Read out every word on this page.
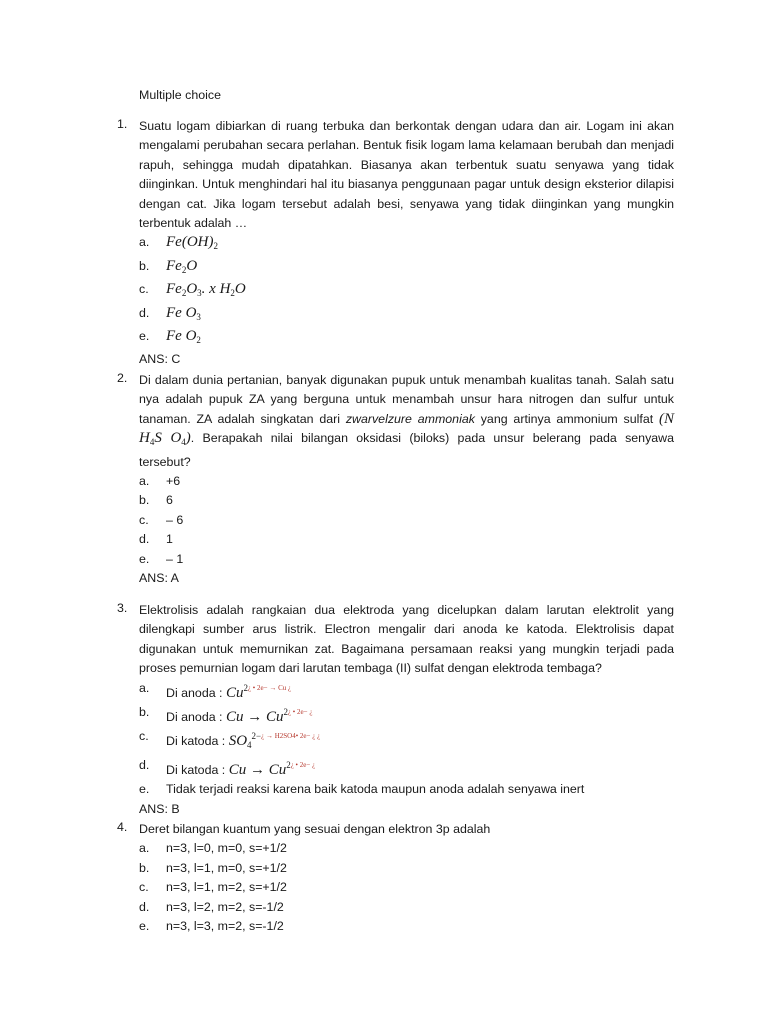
Multiple choice
1. Suatu logam dibiarkan di ruang terbuka dan berkontak dengan udara dan air. Logam ini akan mengalami perubahan secara perlahan. Bentuk fisik logam lama kelamaan berubah dan menjadi rapuh, sehingga mudah dipatahkan. Biasanya akan terbentuk suatu senyawa yang tidak diinginkan. Untuk menghindari hal itu biasanya penggunaan pagar untuk design eksterior dilapisi dengan cat. Jika logam tersebut adalah besi, senyawa yang tidak diinginkan yang mungkin terbentuk adalah …
a. $Fe(OH)_2$
b. $Fe_2O$
c. $Fe_2O_3$. x $H_2O$
d. Fe $O_3$
e. Fe $O_2$
ANS: C
2. Di dalam dunia pertanian, banyak digunakan pupuk untuk menambah kualitas tanah. Salah satu nya adalah pupuk ZA yang berguna untuk menambah unsur hara nitrogen dan sulfur untuk tanaman. ZA adalah singkatan dari zwarvelzure ammoniak yang artinya ammonium sulfat (N $H_4S$ $O_4$). Berapakah nilai bilangan oksidasi (biloks) pada unsur belerang pada senyawa tersebut?
a. +6
b. 6
c. – 6
d. 1
e. – 1
ANS: A
3. Elektrolisis adalah rangkaian dua elektroda yang dicelupkan dalam larutan elektrolit yang dilengkapi sumber arus listrik. Electron mengalir dari anoda ke katoda. Elektrolisis dapat digunakan untuk memurnikan zat. Bagaimana persamaan reaksi yang mungkin terjadi pada proses pemurnian logam dari larutan tembaga (II) sulfat dengan elektroda tembaga?
a. Di anoda : $Cu^{2¿ • 2e- \to Cu ¿}$
b. Di anoda : $Cu \to Cu^{2¿ • 2e- ¿}$
c. Di katoda : $SO_4^{2-¿ \to H2SO4• 2e- ¿ ¿}$
d. Di katoda : $Cu \to Cu^{2¿ • 2e- ¿}$
e. Tidak terjadi reaksi karena baik katoda maupun anoda adalah senyawa inert
ANS: B
4. Deret bilangan kuantum yang sesuai dengan elektron 3p adalah
a. n=3, l=0, m=0, s=+1/2
b. n=3, l=1, m=0, s=+1/2
c. n=3, l=1, m=2, s=+1/2
d. n=3, l=2, m=2, s=-1/2
e. n=3, l=3, m=2, s=-1/2
